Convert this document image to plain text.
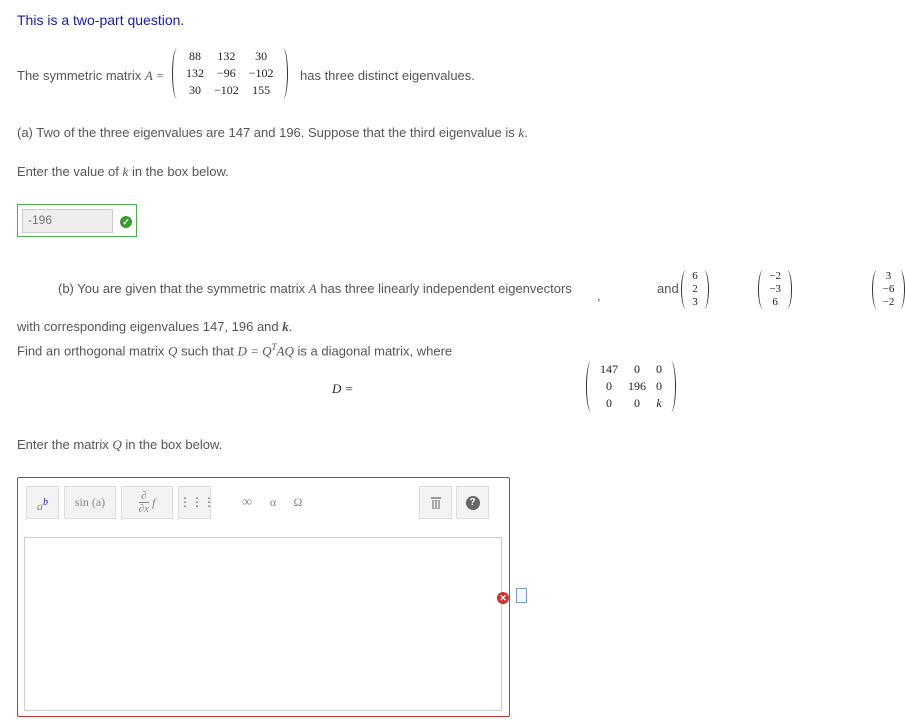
This is a two-part question.
The symmetric matrix A =
88	132	30
132	−96	−102
30	−102	155

has three distinct eigenvalues.
(a) Two of the three eigenvalues are 147 and 196. Suppose that the third eigenvalue is k.
Enter the value of k in the box below.
-196	✓
(b) You are given that the symmetric matrix A has three linearly independent eigenvectors
6
2
3

,
−2
−3
6

and
3
−6
−2

with corresponding eigenvalues 147, 196 and k.
Find an orthogonal matrix Q such that $D = Q^TAQ$ is a diagonal matrix, where
D =
147	0	0
0	196	0
0	0	k
Enter the matrix Q in the box below.
$a^b$	sin (a)	∂
∂x f	⋮⋮⋮	∞	α	Ω	?
✕
